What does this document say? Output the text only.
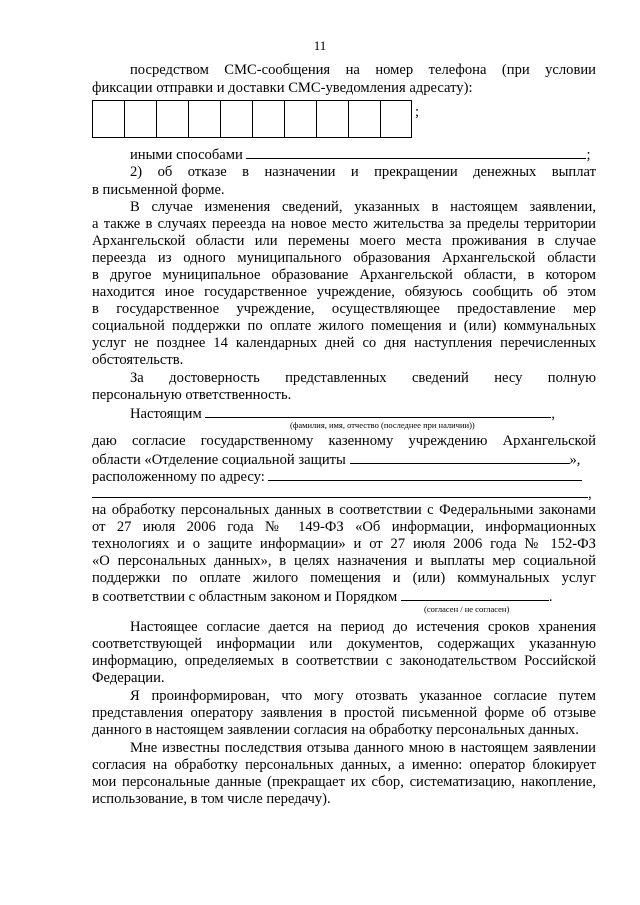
11
посредством СМС-сообщения на номер телефона (при условии
фиксации отправки и доставки СМС-уведомления адресату):
;
иными способами	;
2) об отказе в назначении и прекращении денежных выплат
в письменной форме.
В случае изменения сведений, указанных в настоящем заявлении,
а также в случаях переезда на новое место жительства за пределы территории
Архангельской области или перемены моего места проживания в случае
переезда из одного муниципального образования Архангельской области
в другое муниципальное образование Архангельской области, в котором
находится иное государственное учреждение, обязуюсь сообщить об этом
в государственное учреждение, осуществляющее предоставление мер
социальной поддержки по оплате жилого помещения и (или) коммунальных
услуг не позднее 14 календарных дней со дня наступления перечисленных
обстоятельств.
За достоверность представленных сведений несу полную
персональную ответственность.
Настоящим	,
(фамилия, имя, отчество (последнее при наличии))
даю согласие государственному казенному учреждению Архангельской
области «Отделение социальной защиты	»,
расположенному по адресу:
,
на обработку персональных данных в соответствии с Федеральными законами
от 27 июля 2006 года № 149-ФЗ «Об информации, информационных
технологиях и о защите информации» и от 27 июля 2006 года № 152-ФЗ
«О персональных данных», в целях назначения и выплаты мер социальной
поддержки по оплате жилого помещения и (или) коммунальных услуг
в соответствии с областным законом и Порядком	.
(согласен / не согласен)
Настоящее согласие дается на период до истечения сроков хранения
соответствующей информации или документов, содержащих указанную
информацию, определяемых в соответствии с законодательством Российской
Федерации.
Я проинформирован, что могу отозвать указанное согласие путем
представления оператору заявления в простой письменной форме об отзыве
данного в настоящем заявлении согласия на обработку персональных данных.
Мне известны последствия отзыва данного мною в настоящем заявлении
согласия на обработку персональных данных, а именно: оператор блокирует
мои персональные данные (прекращает их сбор, систематизацию, накопление,
использование, в том числе передачу).
